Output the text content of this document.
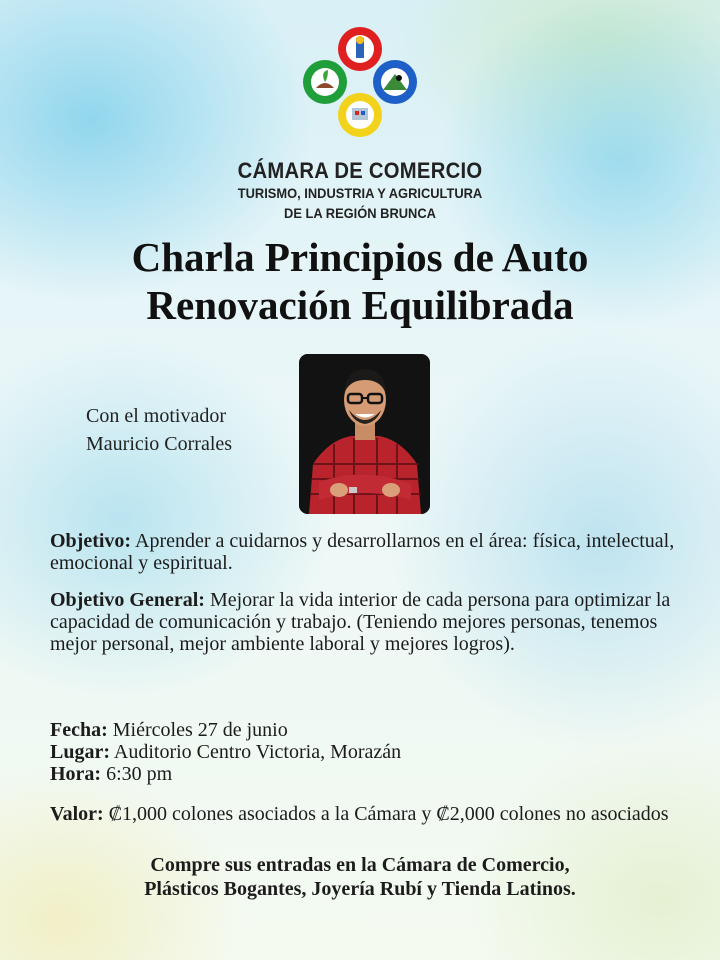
CÁMARA DE COMERCIO
TURISMO, INDUSTRIA Y AGRICULTURA
DE LA REGIÓN BRUNCA
Charla Principios de Auto
Renovación Equilibrada
Con el motivador
Mauricio Corrales
Objetivo: Aprender a cuidarnos y desarrollarnos en el área: física, intelectual, emocional y espiritual.
Objetivo General: Mejorar la vida interior de cada persona para optimizar la capacidad de comunicación y trabajo. (Teniendo mejores personas, tenemos mejor personal, mejor ambiente laboral y mejores logros).
Fecha: Miércoles 27 de junio
Lugar: Auditorio Centro Victoria, Morazán
Hora: 6:30 pm
Valor: ₡1,000 colones asociados a la Cámara y ₡2,000 colones no asociados
Compre sus entradas en la Cámara de Comercio,
Plásticos Bogantes, Joyería Rubí y Tienda Latinos.
